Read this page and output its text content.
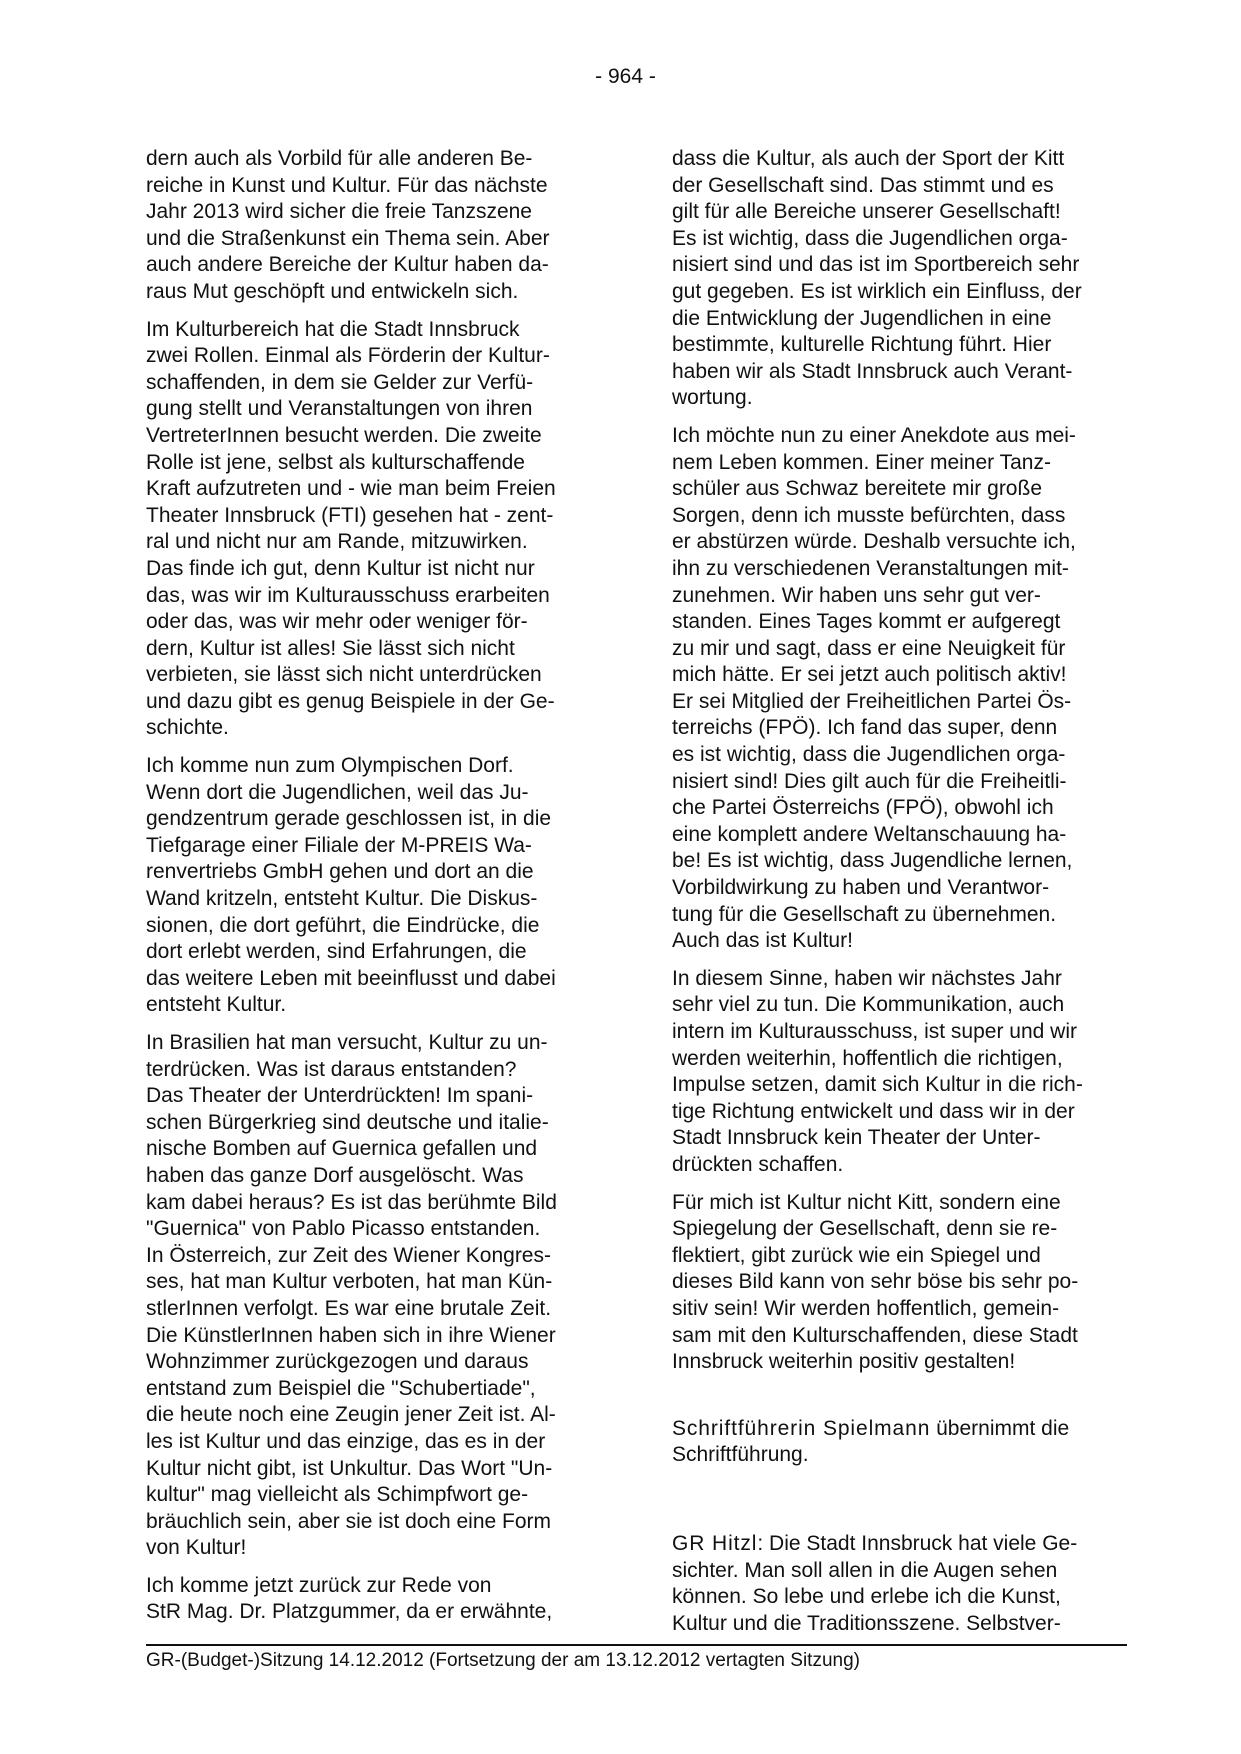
- 964 -

dern auch als Vorbild für alle anderen Be-
reiche in Kunst und Kultur. Für das nächste
Jahr 2013 wird sicher die freie Tanzszene
und die Straßenkunst ein Thema sein. Aber
auch andere Bereiche der Kultur haben da-
raus Mut geschöpft und entwickeln sich.

Im Kulturbereich hat die Stadt Innsbruck
zwei Rollen. Einmal als Förderin der Kultur-
schaffenden, in dem sie Gelder zur Verfü-
gung stellt und Veranstaltungen von ihren
VertreterInnen besucht werden. Die zweite
Rolle ist jene, selbst als kulturschaffende
Kraft aufzutreten und - wie man beim Freien
Theater Innsbruck (FTI) gesehen hat - zent-
ral und nicht nur am Rande, mitzuwirken.
Das finde ich gut, denn Kultur ist nicht nur
das, was wir im Kulturausschuss erarbeiten
oder das, was wir mehr oder weniger för-
dern, Kultur ist alles! Sie lässt sich nicht
verbieten, sie lässt sich nicht unterdrücken
und dazu gibt es genug Beispiele in der Ge-
schichte.

Ich komme nun zum Olympischen Dorf.
Wenn dort die Jugendlichen, weil das Ju-
gendzentrum gerade geschlossen ist, in die
Tiefgarage einer Filiale der M-PREIS Wa-
renvertriebs GmbH gehen und dort an die
Wand kritzeln, entsteht Kultur. Die Diskus-
sionen, die dort geführt, die Eindrücke, die
dort erlebt werden, sind Erfahrungen, die
das weitere Leben mit beeinflusst und dabei
entsteht Kultur.

In Brasilien hat man versucht, Kultur zu un-
terdrücken. Was ist daraus entstanden?
Das Theater der Unterdrückten! Im spani-
schen Bürgerkrieg sind deutsche und italie-
nische Bomben auf Guernica gefallen und
haben das ganze Dorf ausgelöscht. Was
kam dabei heraus? Es ist das berühmte Bild
"Guernica" von Pablo Picasso entstanden.
In Österreich, zur Zeit des Wiener Kongres-
ses, hat man Kultur verboten, hat man Kün-
stlerInnen verfolgt. Es war eine brutale Zeit.
Die KünstlerInnen haben sich in ihre Wiener
Wohnzimmer zurückgezogen und daraus
entstand zum Beispiel die "Schubertiade",
die heute noch eine Zeugin jener Zeit ist. Al-
les ist Kultur und das einzige, das es in der
Kultur nicht gibt, ist Unkultur. Das Wort "Un-
kultur" mag vielleicht als Schimpfwort ge-
bräuchlich sein, aber sie ist doch eine Form
von Kultur!

Ich komme jetzt zurück zur Rede von
StR Mag. Dr. Platzgummer, da er erwähnte,

dass die Kultur, als auch der Sport der Kitt
der Gesellschaft sind. Das stimmt und es
gilt für alle Bereiche unserer Gesellschaft!
Es ist wichtig, dass die Jugendlichen orga-
nisiert sind und das ist im Sportbereich sehr
gut gegeben. Es ist wirklich ein Einfluss, der
die Entwicklung der Jugendlichen in eine
bestimmte, kulturelle Richtung führt. Hier
haben wir als Stadt Innsbruck auch Verant-
wortung.

Ich möchte nun zu einer Anekdote aus mei-
nem Leben kommen. Einer meiner Tanz-
schüler aus Schwaz bereitete mir große
Sorgen, denn ich musste befürchten, dass
er abstürzen würde. Deshalb versuchte ich,
ihn zu verschiedenen Veranstaltungen mit-
zunehmen. Wir haben uns sehr gut ver-
standen. Eines Tages kommt er aufgeregt
zu mir und sagt, dass er eine Neuigkeit für
mich hätte. Er sei jetzt auch politisch aktiv!
Er sei Mitglied der Freiheitlichen Partei Ös-
terreichs (FPÖ). Ich fand das super, denn
es ist wichtig, dass die Jugendlichen orga-
nisiert sind! Dies gilt auch für die Freiheitli-
che Partei Österreichs (FPÖ), obwohl ich
eine komplett andere Weltanschauung ha-
be! Es ist wichtig, dass Jugendliche lernen,
Vorbildwirkung zu haben und Verantwor-
tung für die Gesellschaft zu übernehmen.
Auch das ist Kultur!

In diesem Sinne, haben wir nächstes Jahr
sehr viel zu tun. Die Kommunikation, auch
intern im Kulturausschuss, ist super und wir
werden weiterhin, hoffentlich die richtigen,
Impulse setzen, damit sich Kultur in die rich-
tige Richtung entwickelt und dass wir in der
Stadt Innsbruck kein Theater der Unter-
drückten schaffen.

Für mich ist Kultur nicht Kitt, sondern eine
Spiegelung der Gesellschaft, denn sie re-
flektiert, gibt zurück wie ein Spiegel und
dieses Bild kann von sehr böse bis sehr po-
sitiv sein! Wir werden hoffentlich, gemein-
sam mit den Kulturschaffenden, diese Stadt
Innsbruck weiterhin positiv gestalten!

Schriftführerin Spielmann übernimmt die
Schriftführung.

GR Hitzl: Die Stadt Innsbruck hat viele Ge-
sichter. Man soll allen in die Augen sehen
können. So lebe und erlebe ich die Kunst,
Kultur und die Traditionsszene. Selbstver-

GR-(Budget-)Sitzung 14.12.2012 (Fortsetzung der am 13.12.2012 vertagten Sitzung)
